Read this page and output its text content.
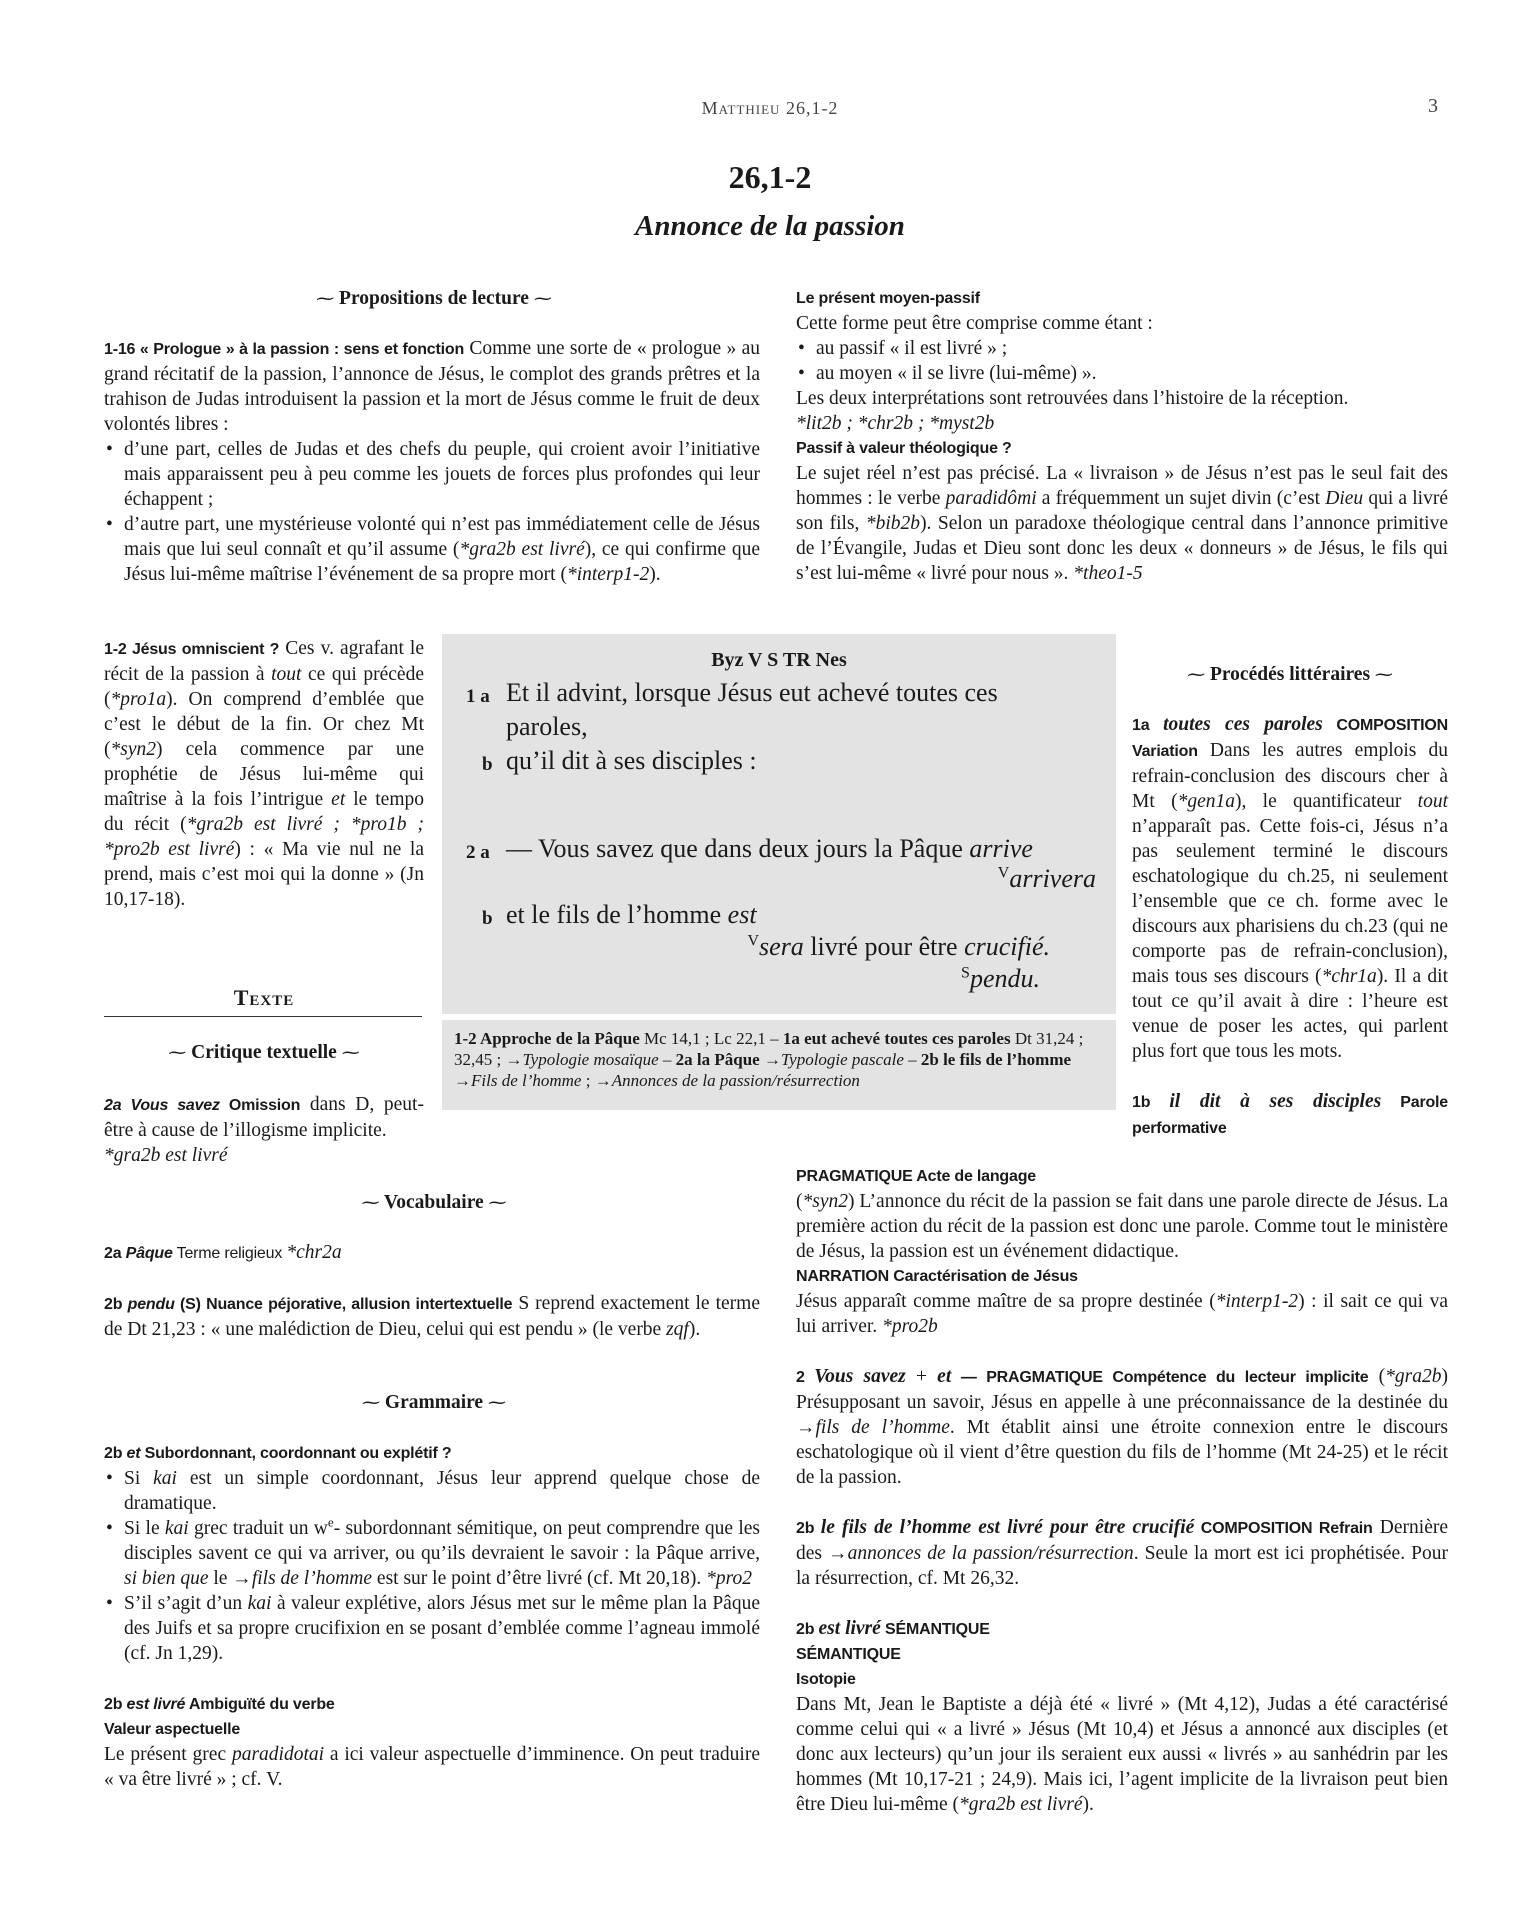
Matthieu 26,1-2	3
26,1-2
Annonce de la passion
⁓ Propositions de lecture ⁓

1-16 « Prologue » à la passion : sens et fonction Comme une sorte de « prologue » au grand récitatif de la passion, l’annonce de Jésus, le complot des grands prêtres et la trahison de Judas introduisent la passion et la mort de Jésus comme le fruit de deux volontés libres :

• d’une part, celles de Judas et des chefs du peuple, qui croient avoir l’initiative mais apparaissent peu à peu comme les jouets de forces plus profondes qui leur échappent ;
• d’autre part, une mystérieuse volonté qui n’est pas immédiatement celle de Jésus mais que lui seul connaît et qu’il assume (*gra2b est livré), ce qui confirme que Jésus lui-même maîtrise l’événement de sa propre mort (*interp1-2).

Le présent moyen-passif

Cette forme peut être comprise comme étant :

• au passif « il est livré » ;
• au moyen « il se livre (lui-même) ».

Les deux interprétations sont retrouvées dans l’histoire de la réception.

*lit2b ; *chr2b ; *myst2b

Passif à valeur théologique ?

Le sujet réel n’est pas précisé. La « livraison » de Jésus n’est pas le seul fait des hommes : le verbe paradidômi a fréquemment un sujet divin (c’est Dieu qui a livré son fils, *bib2b). Selon un paradoxe théologique central dans l’annonce primitive de l’Évangile, Judas et Dieu sont donc les deux « donneurs » de Jésus, le fils qui s’est lui-même « livré pour nous ». *theo1-5

1-2 Jésus omniscient ? Ces v. agrafant le récit de la passion à tout ce qui précède (*pro1a). On comprend d’emblée que c’est le début de la fin. Or chez Mt (*syn2) cela commence par une prophétie de Jésus lui-même qui maîtrise à la fois l’intrigue et le tempo du récit (*gra2b est livré ; *pro1b ; *pro2b est livré) : « Ma vie nul ne la prend, mais c’est moi qui la donne » (Jn 10,17-18).

Byz V S TR Nes
1 a Et il advint, lorsque Jésus eut achevé toutes ces paroles,
b qu’il dit à ses disciples :
2 a — Vous savez que dans deux jours la Pâque arrive
$^V$arrivera
b et le fils de l’homme est
$^V$sera livré pour être crucifié.
$^S$pendu.
1-2 Approche de la Pâque Mc 14,1 ; Lc 22,1 – 1a eut achevé toutes ces paroles Dt 31,24 ; 32,45 ; →Typologie mosaïque – 2a la Pâque →Typologie pascale – 2b le fils de l’homme →Fils de l’homme ; →Annonces de la passion/résurrection
Texte
⁓ Critique textuelle ⁓

2a Vous savez Omission dans D, peut-être à cause de l’illogisme implicite.

*gra2b est livré

⁓ Vocabulaire ⁓

2a Pâque Terme religieux *chr2a

2b pendu (S) Nuance péjorative, allusion intertextuelle S reprend exactement le terme de Dt 21,23 : « une malédiction de Dieu, celui qui est pendu » (le verbe zqf).

⁓ Grammaire ⁓

2b et Subordonnant, coordonnant ou explétif ?

• Si kai est un simple coordonnant, Jésus leur apprend quelque chose de dramatique.
• Si le kai grec traduit un $w^e-$ subordonnant sémitique, on peut comprendre que les disciples savent ce qui va arriver, ou qu’ils devraient le savoir : la Pâque arrive, si bien que le →fils de l’homme est sur le point d’être livré (cf. Mt 20,18). *pro2
• S’il s’agit d’un kai à valeur explétive, alors Jésus met sur le même plan la Pâque des Juifs et sa propre crucifixion en se posant d’emblée comme l’agneau immolé (cf. Jn 1,29).

2b est livré Ambiguïté du verbe

Valeur aspectuelle

Le présent grec paradidotai a ici valeur aspectuelle d’imminence. On peut traduire « va être livré » ; cf. V.

⁓ Procédés littéraires ⁓

1a toutes ces paroles COMPOSITION Variation Dans les autres emplois du refrain-conclusion des discours cher à Mt (*gen1a), le quantificateur tout n’apparaît pas. Cette fois-ci, Jésus n’a pas seulement terminé le discours eschatologique du ch.25, ni seulement l’ensemble que ce ch. forme avec le discours aux pharisiens du ch.23 (qui ne comporte pas de refrain-conclusion), mais tous ses discours (*chr1a). Il a dit tout ce qu’il avait à dire : l’heure est venue de poser les actes, qui parlent plus fort que tous les mots.

1b il dit à ses disciples Parole performative

PRAGMATIQUE Acte de langage

(*syn2) L’annonce du récit de la passion se fait dans une parole directe de Jésus. La première action du récit de la passion est donc une parole. Comme tout le ministère de Jésus, la passion est un événement didactique.

NARRATION Caractérisation de Jésus

Jésus apparaît comme maître de sa propre destinée (*interp1-2) : il sait ce qui va lui arriver. *pro2b

2 Vous savez + et — PRAGMATIQUE Compétence du lecteur implicite (*gra2b) Présupposant un savoir, Jésus en appelle à une préconnaissance de la destinée du →fils de l’homme. Mt établit ainsi une étroite connexion entre le discours eschatologique où il vient d’être question du fils de l’homme (Mt 24-25) et le récit de la passion.

2b le fils de l’homme est livré pour être crucifié COMPOSITION Refrain Dernière des →annonces de la passion/résurrection. Seule la mort est ici prophétisée. Pour la résurrection, cf. Mt 26,32.

2b est livré SÉMANTIQUE

SÉMANTIQUE

Isotopie

Dans Mt, Jean le Baptiste a déjà été « livré » (Mt 4,12), Judas a été caractérisé comme celui qui « a livré » Jésus (Mt 10,4) et Jésus a annoncé aux disciples (et donc aux lecteurs) qu’un jour ils seraient eux aussi « livrés » au sanhédrin par les hommes (Mt 10,17-21 ; 24,9). Mais ici, l’agent implicite de la livraison peut bien être Dieu lui-même (*gra2b est livré).
